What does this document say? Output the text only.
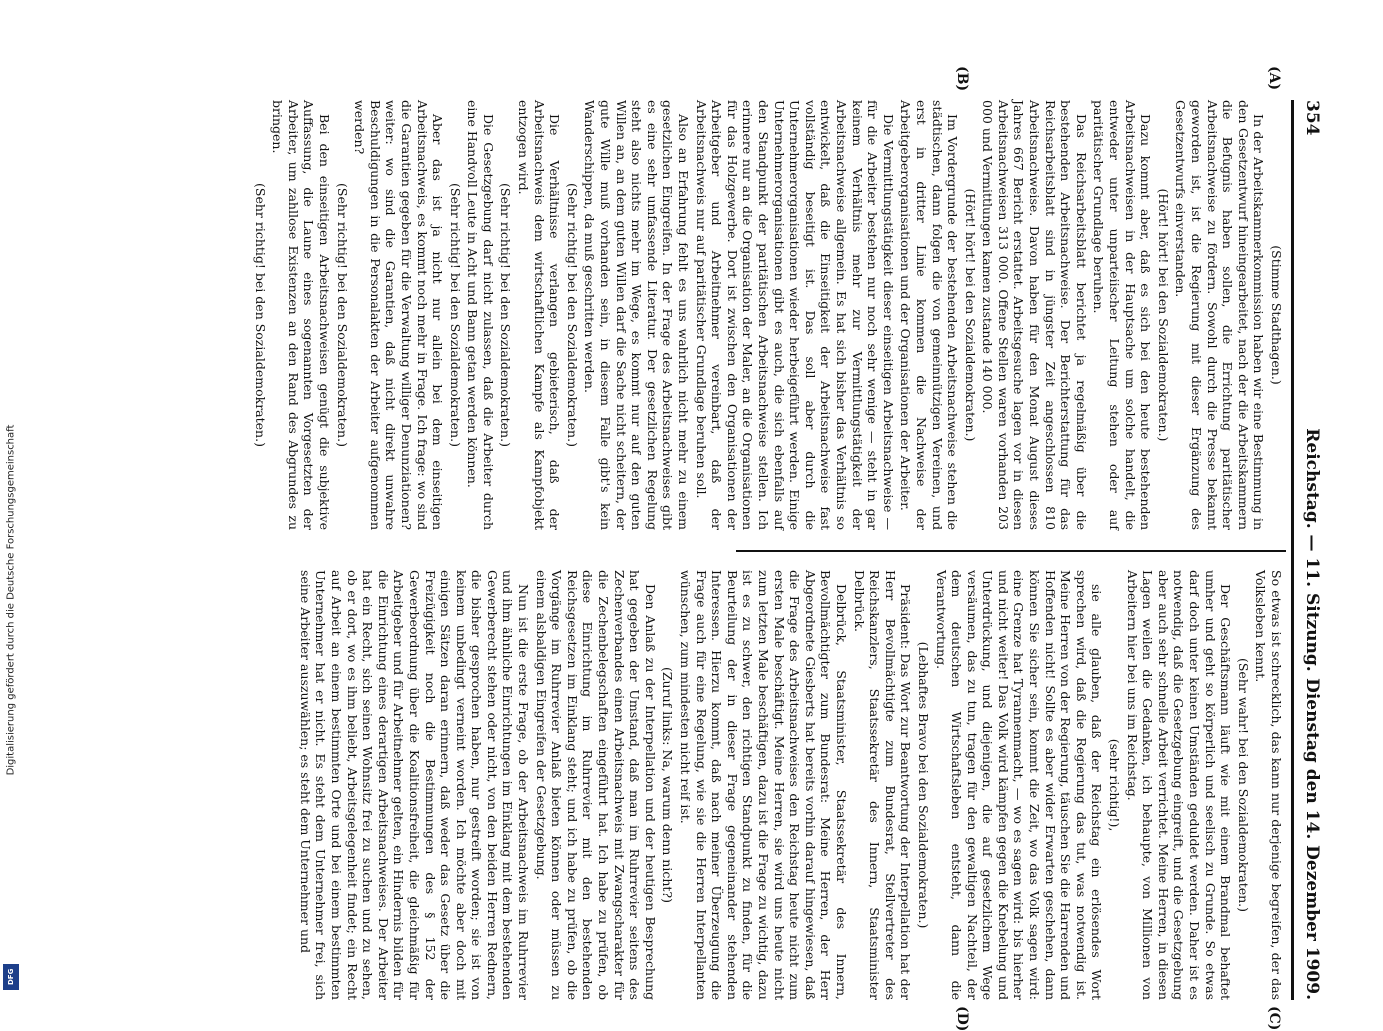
Digitalisierung gefördert durch die Deutsche Forschungsgemeinschaft
DFG
354
Reichstag. — 11. Sitzung.
Dienstag den 14. Dezember 1909.
(A)
(B)
(C)
(D)

(Stimme Stadthagen.)

In der Arbeitskammerkommission haben wir eine Bestimmung in den Gesetzentwurf hineingearbeitet, nach der die Arbeitskammern die Befugnis haben sollen, die Errichtung paritätischer Arbeitsnachweise zu fördern. Sowohl durch die Presse bekannt geworden ist, ist die Regierung mit dieser Ergänzung des Gesetzentwurfs einverstanden.

(Hört! hört! bei den Sozialdemokraten.)

Dazu kommt aber, daß es sich bei den heute bestehenden Arbeitsnachweisen in der Hauptsache um solche handelt, die entweder unter unparteiischer Leitung stehen oder auf paritätischer Grundlage beruhen.

Das Reichsarbeitsblatt berichtet ja regelmäßig über die bestehenden Arbeitsnachweise. Der Berichterstattung für das Reichsarbeitsblatt sind in jüngster Zeit angeschlossen 810 Arbeitsnachweise. Davon haben für den Monat August dieses Jahres 667 Bericht erstattet. Arbeitsgesuche lagen vor in diesen Arbeitsnachweisen 313 000. Offene Stellen waren vorhanden 203 000 und Vermittlungen kamen zustande 140 000.

(Hört! hört! bei den Sozialdemokraten.)

Im Vordergrunde der bestehenden Arbeitsnachweise stehen die städtischen, dann folgen die von gemeinnützigen Vereinen, und erst in dritter Linie kommen die Nachweise der Arbeitgeberorganisationen und der Organisationen der Arbeiter.

Die Vermittlungstätigkeit dieser einseitigen Arbeitsnachweise — für die Arbeiter bestehen nur noch sehr wenige — steht in gar keinem Verhältnis mehr zur Vermittlungstätigkeit der Arbeitsnachweise allgemein. Es hat sich bisher das Verhältnis so entwickelt, daß die Einseitigkeit der Arbeitsnachweise fast vollständig beseitigt ist. Das soll aber durch die Unternehmerorganisationen wieder herbeigeführt werden. Einige Unternehmerorganisationen gibt es auch, die sich ebenfalls auf den Standpunkt der paritätischen Arbeitsnachweise stellen. Ich erinnere nur an die Organisation der Maler, an die Organisationen für das Holzgewerbe. Dort ist zwischen den Organisationen der Arbeitgeber und Arbeitnehmer vereinbart, daß der Arbeitsnachweis nur auf paritätischer Grundlage beruhen soll.

Also an Erfahrung fehlt es uns wahrlich nicht mehr zu einem gesetzlichen Eingreifen. In der Frage des Arbeitsnachweises gibt es eine sehr umfassende Literatur. Der gesetzlichen Regelung steht also nichts mehr im Wege, es kommt nur auf den guten Willen an, an dem guten Willen darf die Sache nicht scheitern, der gute Wille muß vorhanden sein, in diesem Falle gibt's kein Wanderschippen, da muß geschritten werden.

(Sehr richtig! bei den Sozialdemokraten.)

Die Verhältnisse verlangen gebieterisch, daß der Arbeitsnachweis dem wirtschaftlichen Kampfe als Kampfobjekt entzogen wird.

(Sehr richtig! bei den Sozialdemokraten.)

Die Gesetzgebung darf nicht zulassen, daß die Arbeiter durch eine Handvoll Leute in Acht und Bann getan werden können.

(Sehr richtig! bei den Sozialdemokraten.)

Aber das ist ja nicht nur allein bei dem einseitigen Arbeitsnachweis, es kommt noch mehr in Frage. Ich frage: wo sind die Garantien gegeben für die Verwaltung williger Denunziationen? weiter: wo sind die Garantien, daß nicht direkt unwahre Beschuldigungen in die Personalakten der Arbeiter aufgenommen werden?

(Sehr richtig! bei den Sozialdemokraten.)

Bei den einseitigen Arbeitsnachweisen genügt die subjektive Auffassung, die Laune eines sogenannten Vorgesetzten der Arbeiter, um zahllose Existenzen an den Rand des Abgrundes zu bringen.

(Sehr richtig! bei den Sozialdemokraten.)

So etwas ist schrecklich, das kann nur derjenige begreifen, der das Volksleben kennt.

(Sehr wahr! bei den Sozialdemokraten.)

Der Geschäftsmann läuft wie mit einem Brandmal behaftet umher und geht so körperlich und seelisch zu Grunde. So etwas darf doch unter keinen Umständen geduldet werden. Daher ist es notwendig, daß die Gesetzgebung eingreift, und die Gesetzgebung aber auch sehr schnelle Arbeit verrichtet. Meine Herren, in diesen Lagen weilen die Gedanken, ich behaupte, von Millionen von Arbeitern hier bei uns im Reichstag.

(sehr richtig!),

sie alle glauben, daß der Reichstag ein erlösendes Wort sprechen wird, daß die Regierung das tut, was notwendig ist. Meine Herren von der Regierung, täuschen Sie die Harrenden und Hoffenden nicht! Sollte es aber wider Erwarten geschehen, dann können Sie sicher sein, kommt die Zeit, wo das Volk sagen wird: eine Grenze hat Tyrannenmacht, — wo es sagen wird: bis hierher und nicht weiter! Das Volk wird kämpfen gegen die Knebelung und Unterdrückung, und diejenigen, die auf gesetzlichem Wege versäumen, das zu tun, tragen für den gewaltigen Nachteil, der dem deutschen Wirtschaftsleben entsteht, dann die Verantwortung.

(Lebhaftes Bravo bei den Sozialdemokraten.)

Präsident: Das Wort zur Beantwortung der Interpellation hat der Herr Bevollmächtigte zum Bundesrat, Stellvertreter des Reichskanzlers, Staatssekretär des Innern, Staatsminister Delbrück.

Delbrück, Staatsminister, Staatssekretär des Innern, Bevollmächtigter zum Bundesrat: Meine Herren, der Herr Abgeordnete Giesberts hat bereits vorhin darauf hingewiesen, daß die Frage des Arbeitsnachweises den Reichstag heute nicht zum ersten Male beschäftigt. Meine Herren, sie wird uns heute nicht zum letzten Male beschäftigen, dazu ist die Frage zu wichtig, dazu ist es zu schwer, den richtigen Standpunkt zu finden, für die Beurteilung der in dieser Frage gegeneinander stehenden Interessen. Hierzu kommt, daß nach meiner Überzeugung die Frage auch für eine Regelung, wie sie die Herren Interpellanten wünschen, zum mindesten nicht reif ist.

(Zuruf links: Na, warum denn nicht?)

Den Anlaß zu der Interpellation und der heutigen Besprechung hat gegeben der Umstand, daß man im Ruhrrevier seitens des Zechenverbandes einen Arbeitsnachweis mit Zwangscharakter für die Zechenbelegschaften eingeführt hat. Ich habe zu prüfen, ob diese Einrichtung im Ruhrrevier mit den bestehenden Reichsgesetzen im Einklang steht; und ich habe zu prüfen, ob die Vorgänge im Ruhrrevier Anlaß bieten können oder müssen zu einem alsbaldigen Eingreifen der Gesetzgebung.

Nun ist die erste Frage, ob der Arbeitsnachweis im Ruhrrevier und ihm ähnliche Einrichtungen im Einklang mit dem bestehenden Gewerberecht stehen oder nicht, von den beiden Herren Rednern, die bisher gesprochen haben, nur gestreift worden; sie ist von keinem unbedingt verneint worden. Ich möchte aber doch mit einigen Sätzen daran erinnern, daß weder das Gesetz über die Freizügigkeit noch die Bestimmungen des § 152 der Gewerbeordnung über die Koalitionsfreiheit, die gleichmäßig für Arbeitgeber und für Arbeitnehmer gelten, ein Hindernis bilden für die Einrichtung eines derartigen Arbeitsnachweises. Der Arbeiter hat ein Recht, sich seinen Wohnsitz frei zu suchen und zu sehen, ob er dort, wo es ihm beliebt, Arbeitsgelegenheit findet; ein Recht auf Arbeit an einem bestimmten Orte und bei einem bestimmten Unternehmer hat er nicht. Es steht dem Unternehmer frei, sich seine Arbeiter auszuwählen; es steht dem Unternehmer und
